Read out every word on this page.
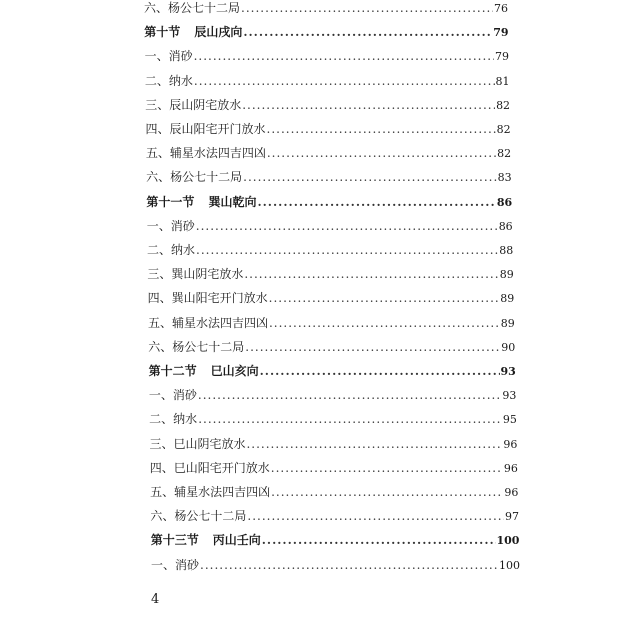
六、杨公七十二局 .....	76
第十节 辰山戌向 .....	79
一、消砂 .....	79
二、纳水 .....	81
三、辰山阴宅放水 .....	82
四、辰山阳宅开门放水 .....	82
五、辅星水法四吉四凶 .....	82
六、杨公七十二局 .....	83
第十一节 巽山乾向 .....	86
一、消砂 .....	86
二、纳水 .....	88
三、巽山阴宅放水 .....	89
四、巽山阳宅开门放水 .....	89
五、辅星水法四吉四凶 .....	89
六、杨公七十二局 .....	90
第十二节 巳山亥向 .....	93
一、消砂 .....	93
二、纳水 .....	95
三、巳山阴宅放水 .....	96
四、巳山阳宅开门放水 .....	96
五、辅星水法四吉四凶 .....	96
六、杨公七十二局 .....	97
第十三节 丙山壬向 .....	100
一、消砂 .....	100
4
